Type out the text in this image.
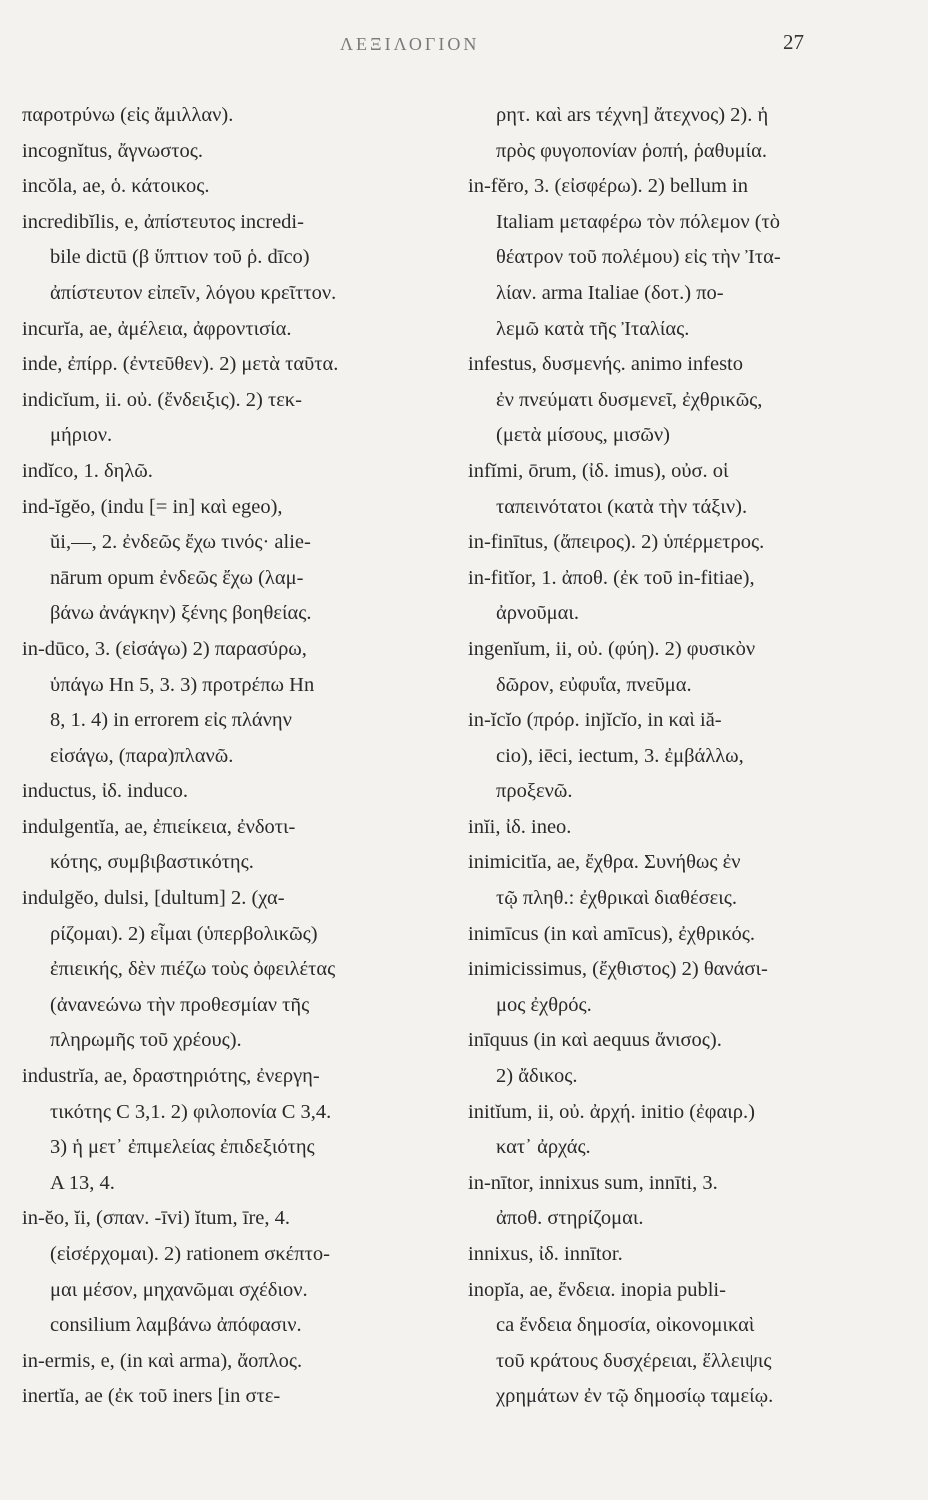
ΛΕΞΙΛΟΓΙΟΝ	27
παροτρύνω (εἰς ἄμιλλαν).
incognĭtus, ἄγνωστος.
incŏla, ae, ὁ. κάτοικος.
incredibĭlis, e, ἀπίστευτος incredi-
bile dictū (β ὕπτιον τοῦ ῥ. dīco)
ἀπίστευτον εἰπεῖν, λόγου κρεῖττον.
incurĭa, ae, ἀμέλεια, ἀφροντισία.
inde, ἐπίρρ. (ἐντεῦθεν). 2) μετὰ ταῦτα.
indicĭum, ii. οὐ. (ἔνδειξις). 2) τεκ-
μήριον.
indĭco, 1. δηλῶ.
ind-ĭgĕo, (indu [= in] καὶ egeo),
ŭi,—, 2. ἐνδεῶς ἔχω τινός· alie-
nārum opum ἐνδεῶς ἔχω (λαμ-
βάνω ἀνάγκην) ξένης βοηθείας.
in-dūco, 3. (εἰσάγω) 2) παρασύρω,
ὑπάγω Hn 5, 3. 3) προτρέπω Hn
8, 1. 4) in errorem εἰς πλάνην
εἰσάγω, (παρα)πλανῶ.
inductus, ἰδ. induco.
indulgentĭa, ae, ἐπιείκεια, ἐνδοτι-
κότης, συμβιβαστικότης.
indulgĕo, dulsi, [dultum] 2. (χα-
ρίζομαι). 2) εἶμαι (ὑπερβολικῶς)
ἐπιεικής, δὲν πιέζω τοὺς ὀφειλέτας
(ἀνανεώνω τὴν προθεσμίαν τῆς
πληρωμῆς τοῦ χρέους).
industrĭa, ae, δραστηριότης, ἐνεργη-
τικότης C 3,1. 2) φιλοπονία C 3,4.
3) ἡ μετ᾽ ἐπιμελείας ἐπιδεξιότης
A 13, 4.
in-ĕo, ĭi, (σπαν. -īvi) ĭtum, īre, 4.
(εἰσέρχομαι). 2) rationem σκέπτο-
μαι μέσον, μηχανῶμαι σχέδιον.
consilium λαμβάνω ἀπόφασιν.
in-ermis, e, (in καὶ arma), ἄοπλος.
inertĭa, ae (ἐκ τοῦ iners [in στε-
ρητ. καὶ ars τέχνη] ἄτεχνος) 2). ἡ
πρὸς φυγοπονίαν ῥοπή, ῥαθυμία.
in-fĕro, 3. (εἰσφέρω). 2) bellum in
Italiam μεταφέρω τὸν πόλεμον (τὸ
θέατρον τοῦ πολέμου) εἰς τὴν Ἰτα-
λίαν. arma Italiae (δοτ.) πο-
λεμῶ κατὰ τῆς Ἰταλίας.
infestus, δυσμενής. animo infesto
ἐν πνεύματι δυσμενεῖ, ἐχθρικῶς,
(μετὰ μίσους, μισῶν)
infĭmi, ōrum, (ἰδ. imus), οὐσ. οἱ
ταπεινότατοι (κατὰ τὴν τάξιν).
in-finītus, (ἄπειρος). 2) ὑπέρμετρος.
in-fitĭor, 1. ἀποθ. (ἐκ τοῦ in-fitiae),
ἀρνοῦμαι.
ingenĭum, ii, οὐ. (φύη). 2) φυσικὸν
δῶρον, εὐφυΐα, πνεῦμα.
in-ĭcĭo (πρόρ. injĭcĭo, in καὶ iă-
cio), iēci, iectum, 3. ἐμβάλλω,
προξενῶ.
inĭi, ἰδ. ineo.
inimicitĭa, ae, ἔχθρα. Συνήθως ἐν
τῷ πληθ.: ἐχθρικαὶ διαθέσεις.
inimīcus (in καὶ amīcus), ἐχθρικός.
inimicissimus, (ἔχθιστος) 2) θανάσι-
μος ἐχθρός.
inīquus (in καὶ aequus ἄνισος).
2) ἄδικος.
initĭum, ii, οὐ. ἀρχή. initio (ἐφαιρ.)
κατ᾽ ἀρχάς.
in-nītor, innixus sum, innīti, 3.
ἀποθ. στηρίζομαι.
innixus, ἰδ. innītor.
inopĭa, ae, ἔνδεια. inopia publi-
ca ἔνδεια δημοσία, οἰκονομικαὶ
τοῦ κράτους δυσχέρειαι, ἔλλειψις
χρημάτων ἐν τῷ δημοσίῳ ταμείῳ.
